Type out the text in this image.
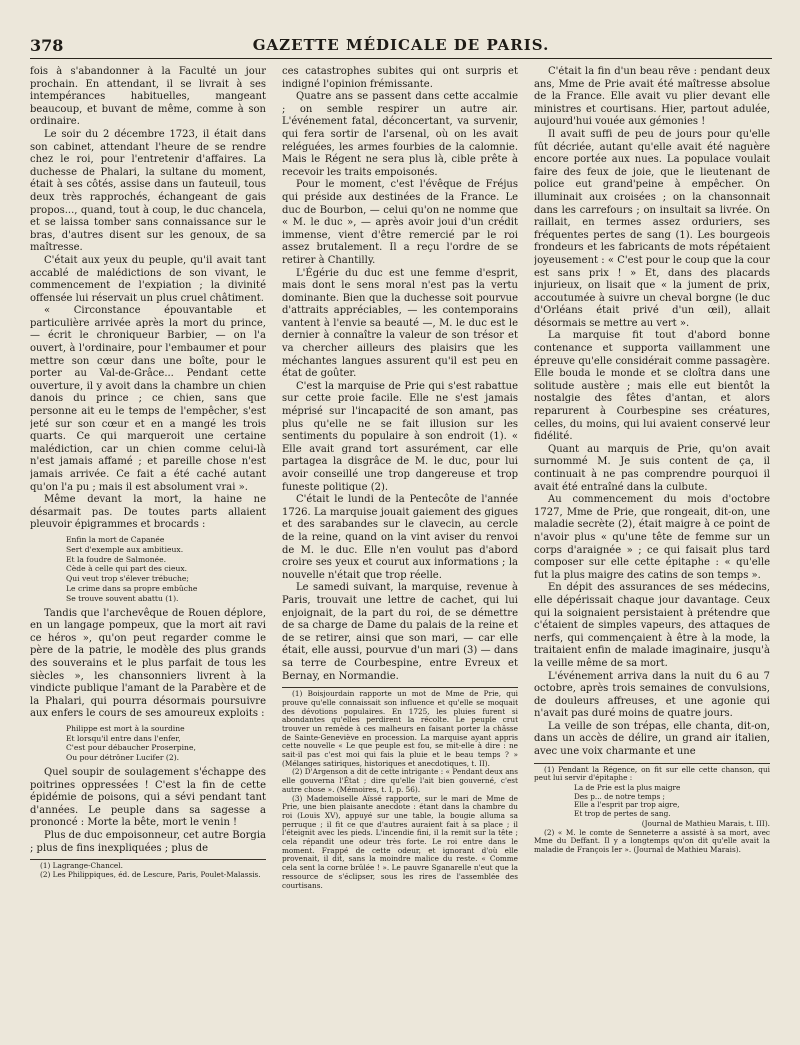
378	GAZETTE MÉDICALE DE PARIS.

fois à s'abandonner à la Faculté un jour prochain. En attendant, il se livrait à ses intempérances habituelles, mangeant beaucoup, et buvant de même, comme à son ordinaire.

Le soir du 2 décembre 1723, il était dans son cabinet, attendant l'heure de se rendre chez le roi, pour l'entretenir d'affaires. La duchesse de Phalari, la sultane du moment, était à ses côtés, assise dans un fauteuil, tous deux très rapprochés, échangeant de gais propos..., quand, tout à coup, le duc chancela, et se laissa tomber sans connaissance sur le bras, d'autres disent sur les genoux, de sa maîtresse.

C'était aux yeux du peuple, qu'il avait tant accablé de malédictions de son vivant, le commencement de l'expiation ; la divinité offensée lui réservait un plus cruel châtiment.

« Circonstance épouvantable et particulière arrivée après la mort du prince, — écrit le chroniqueur Barbier, — on l'a ouvert, à l'ordinaire, pour l'embaumer et pour mettre son cœur dans une boîte, pour le porter au Val-de-Grâce... Pendant cette ouverture, il y avoit dans la chambre un chien danois du prince ; ce chien, sans que personne ait eu le temps de l'empêcher, s'est jeté sur son cœur et en a mangé les trois quarts. Ce qui marqueroit une certaine malédiction, car un chien comme celui-là n'est jamais affamé ; et pareille chose n'est jamais arrivée. Ce fait a été caché autant qu'on l'a pu ; mais il est absolument vrai ».

Même devant la mort, la haine ne désarmait pas. De toutes parts allaient pleuvoir épigrammes et brocards :

Enfin la mort de Capanée
Sert d'exemple aux ambitieux.
Et la foudre de Salmonée.
Cède à celle qui part des cieux.
Qui veut trop s'élever trébuche;
Le crime dans sa propre embûche
Se trouve souvent abattu (1).

Tandis que l'archevêque de Rouen déplore, en un langage pompeux, que la mort ait ravi ce héros », qu'on peut regarder comme le père de la patrie, le modèle des plus grands des souverains et le plus parfait de tous les siècles », les chansonniers livrent à la vindicte publique l'amant de la Parabère et de la Phalari, qui pourra désormais poursuivre aux enfers le cours de ses amoureux exploits :

Philippe est mort à la sourdine
Et lorsqu'il entre dans l'enfer,
C'est pour débaucher Proserpine,
Ou pour détrôner Lucifer (2).

Quel soupir de soulagement s'échappe des poitrines oppressées ! C'est la fin de cette épidémie de poisons, qui a sévi pendant tant d'années. Le peuple dans sa sagesse a prononcé : Morte la bête, mort le venin !

Plus de duc empoisonneur, cet autre Borgia ; plus de fins inexpliquées ; plus de

(1) Lagrange-Chancel.

(2) Les Philippiques, éd. de Lescure, Paris, Poulet-Malassis.

ces catastrophes subites qui ont surpris et indigné l'opinion frémissante.

Quatre ans se passent dans cette accalmie ; on semble respirer un autre air. L'événement fatal, déconcertant, va survenir, qui fera sortir de l'arsenal, où on les avait reléguées, les armes fourbies de la calomnie. Mais le Régent ne sera plus là, cible prête à recevoir les traits empoisonés.

Pour le moment, c'est l'évêque de Fréjus qui préside aux destinées de la France. Le duc de Bourbon, — celui qu'on ne nomme que « M. le duc », — après avoir joui d'un crédit immense, vient d'être remercié par le roi assez brutalement. Il a reçu l'ordre de se retirer à Chantilly.

L'Égérie du duc est une femme d'esprit, mais dont le sens moral n'est pas la vertu dominante. Bien que la duchesse soit pourvue d'attraits appréciables, — les contemporains vantent à l'envie sa beauté —, M. le duc est le dernier à connaître la valeur de son trésor et va chercher ailleurs des plaisirs que les méchantes langues assurent qu'il est peu en état de goûter.

C'est la marquise de Prie qui s'est rabattue sur cette proie facile. Elle ne s'est jamais méprisé sur l'incapacité de son amant, pas plus qu'elle ne se fait illusion sur les sentiments du populaire à son endroit (1). « Elle avait grand tort assurément, car elle partagea la disgrâce de M. le duc, pour lui avoir conseillé une trop dangereuse et trop funeste politique (2).

C'était le lundi de la Pentecôte de l'année 1726. La marquise jouait gaiement des gigues et des sarabandes sur le clavecin, au cercle de la reine, quand on la vint aviser du renvoi de M. le duc. Elle n'en voulut pas d'abord croire ses yeux et courut aux informations ; la nouvelle n'était que trop réelle.

Le samedi suivant, la marquise, revenue à Paris, trouvait une lettre de cachet, qui lui enjoignait, de la part du roi, de se démettre de sa charge de Dame du palais de la reine et de se retirer, ainsi que son mari, — car elle était, elle aussi, pourvue d'un mari (3) — dans sa terre de Courbespine, entre Evreux et Bernay, en Normandie.

(1) Boisjourdain rapporte un mot de Mme de Prie, qui prouve qu'elle connaissait son influence et qu'elle se moquait des dévotions populaires. En 1725, les pluies furent si abondantes qu'elles perdirent la récolte. Le peuple crut trouver un remède à ces malheurs en faisant porter la châsse de Sainte-Geneviève en procession. La marquise ayant appris cette nouvelle « Le que peuple est fou, se mit-elle à dire : ne sait-il pas c'est moi qui fais la pluie et le beau temps ? » (Mélanges satiriques, historiques et anecdotiques, t. II).

(2) D'Argenson a dit de cette intrigante : « Pendant deux ans elle gouverna l'État ; dire qu'elle l'ait bien gouverné, c'est autre chose ». (Mémoires, t. I, p. 56).

(3) Mademoiselle Aïssé rapporte, sur le mari de Mme de Prie, une bien plaisante anecdote : étant dans la chambre du roi (Louis XV), appuyé sur une table, la bougie alluma sa perruque ; il fit ce que d'autres auraient fait à sa place ; il l'éteignit avec les pieds. L'incendie fini, il la remit sur la tête ; cela répandit une odeur très forte. Le roi entre dans le moment. Frappé de cette odeur, et ignorant d'où elle provenait, il dit, sans la moindre malice du reste. « Comme cela sent la corne brûlée ! ». Le pauvre Sganarelle n'eut que la ressource de s'éclipser, sous les rires de l'assemblée des courtisans.

C'était la fin d'un beau rêve : pendant deux ans, Mme de Prie avait été maîtresse absolue de la France. Elle avait vu plier devant elle ministres et courtisans. Hier, partout adulée, aujourd'hui vouée aux gémonies !

Il avait suffi de peu de jours pour qu'elle fût décriée, autant qu'elle avait été naguère encore portée aux nues. La populace voulait faire des feux de joie, que le lieutenant de police eut grand'peine à empêcher. On illuminait aux croisées ; on la chansonnait dans les carrefours ; on insultait sa livrée. On raillait, en termes assez orduriers, ses fréquentes pertes de sang (1). Les bourgeois frondeurs et les fabricants de mots répétaient joyeusement : « C'est pour le coup que la cour est sans prix ! » Et, dans des placards injurieux, on lisait que « la jument de prix, accoutumée à suivre un cheval borgne (le duc d'Orléans était privé d'un œil), allait désormais se mettre au vert ».

La marquise fit tout d'abord bonne contenance et supporta vaillamment une épreuve qu'elle considérait comme passagère. Elle bouda le monde et se cloîtra dans une solitude austère ; mais elle eut bientôt la nostalgie des fêtes d'antan, et alors reparurent à Courbespine ses créatures, celles, du moins, qui lui avaient conservé leur fidélité.

Quant au marquis de Prie, qu'on avait surnommé M. Je suis content de ça, il continuait à ne pas comprendre pourquoi il avait été entraîné dans la culbute.

Au commencement du mois d'octobre 1727, Mme de Prie, que rongeait, dit-on, une maladie secrète (2), était maigre à ce point de n'avoir plus « qu'une tête de femme sur un corps d'araignée » ; ce qui faisait plus tard composer sur elle cette épitaphe : « qu'elle fut la plus maigre des catins de son temps ».

En dépit des assurances de ses médecins, elle dépérissait chaque jour davantage. Ceux qui la soignaient persistaient à prétendre que c'étaient de simples vapeurs, des attaques de nerfs, qui commençaient à être à la mode, la traitaient enfin de malade imaginaire, jusqu'à la veille même de sa mort.

L'événement arriva dans la nuit du 6 au 7 octobre, après trois semaines de convulsions, de douleurs affreuses, et une agonie qui n'avait pas duré moins de quatre jours.

La veille de son trépas, elle chanta, dit-on, dans un accès de délire, un grand air italien, avec une voix charmante et une

(1) Pendant la Régence, on fit sur elle cette chanson, qui peut lui servir d'épitaphe :

La de Prie est la plus maigre
Des p... de notre temps ;
Elle a l'esprit par trop aigre,
Et trop de pertes de sang.

(Journal de Mathieu Marais, t. III).

(2) « M. le comte de Senneterre a assisté à sa mort, avec Mme du Deffant. Il y a longtemps qu'on dit qu'elle avait la maladie de François Ier ». (Journal de Mathieu Marais).
